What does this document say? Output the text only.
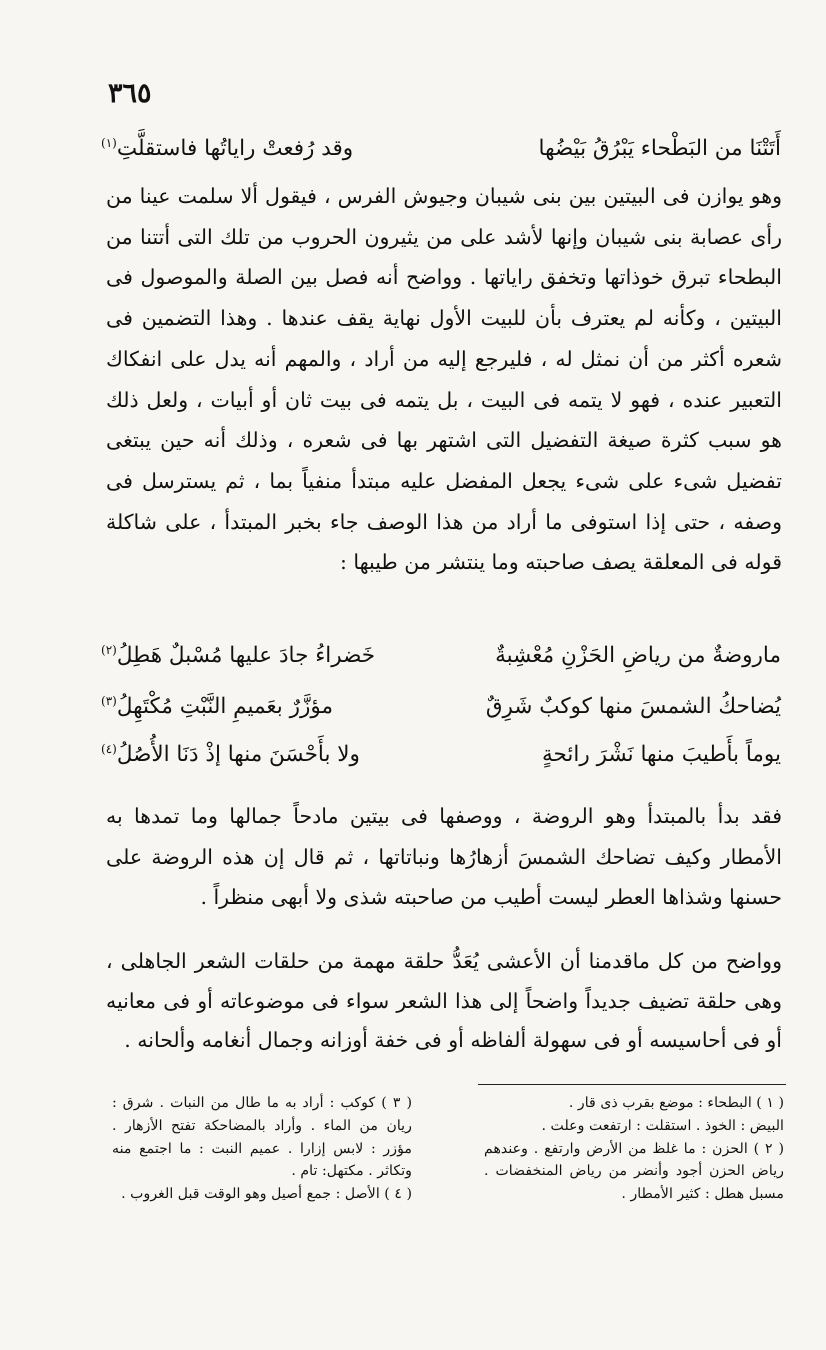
٣٦٥
أَتَتْنَا من البَطْحاء يَبْرُقُ بَيْضُها
وقد رُفعتْ راياتُها فاستقلَّتِ$^{(١)}$
وهو يوازن فى البيتين بين بنى شيبان وجيوش الفرس ، فيقول ألا سلمت عينا من رأى عصابة بنى شيبان وإنها لأشد على من يثيرون الحروب من تلك التى أتتنا من البطحاء تبرق خوذاتها وتخفق راياتها . وواضح أنه فصل بين الصلة والموصول فى البيتين ، وكأنه لم يعترف بأن للبيت الأول نهاية يقف عندها . وهذا التضمين فى شعره أكثر من أن نمثل له ، فليرجع إليه من أراد ، والمهم أنه يدل على انفكاك التعبير عنده ، فهو لا يتمه فى البيت ، بل يتمه فى بيت ثان أو أبيات ، ولعل ذلك هو سبب كثرة صيغة التفضيل التى اشتهر بها فى شعره ، وذلك أنه حين يبتغى تفضيل شىء على شىء يجعل المفضل عليه مبتدأ منفياً بما ، ثم يسترسل فى وصفه ، حتى إذا استوفى ما أراد من هذا الوصف جاء بخبر المبتدأ ، على شاكلة قوله فى المعلقة يصف صاحبته وما ينتشر من طيبها :
ماروضةٌ من رياضِ الحَزْنِ مُعْشِبةٌ
خَضراءُ جادَ عليها مُسْبلٌ هَطِلُ$^{(٢)}$
يُضاحكُ الشمسَ منها كوكبٌ شَرِقٌ
مؤزَّرٌ بعَميمِ النَّبْتِ مُكْتَهِلُ$^{(٣)}$
يوماً بأَطيبَ منها نَشْرَ رائحةٍ
ولا بأَحْسَنَ منها إذْ دَنَا الأُصُلُ$^{(٤)}$
فقد بدأ بالمبتدأ وهو الروضة ، ووصفها فى بيتين مادحاً جمالها وما تمدها به الأمطار وكيف تضاحك الشمسَ أزهارُها ونباتاتها ، ثم قال إن هذه الروضة على حسنها وشذاها العطر ليست أطيب من صاحبته شذى ولا أبهى منظراً .
وواضح من كل ماقدمنا أن الأعشى يُعَدُّ حلقة مهمة من حلقات الشعر الجاهلى ، وهى حلقة تضيف جديداً واضحاً إلى هذا الشعر سواء فى موضوعاته أو فى معانيه أو فى أحاسيسه أو فى سهولة ألفاظه أو فى خفة أوزانه وجمال أنغامه وألحانه .
( ١ ) البطحاء : موضع بقرب ذى قار .
البيض : الخوذ . استقلت : ارتفعت وعلت .
( ٢ ) الحزن : ما غلظ من الأرض وارتفع . وعندهم رياض الحزن أجود وأنضر من رياض المنخفضات . مسبل هطل : كثير الأمطار .
( ٣ ) كوكب : أراد به ما طال من النبات . شرق : ريان من الماء . وأراد بالمضاحكة تفتح الأزهار . مؤزر : لابس إزارا . عميم النبت : ما اجتمع منه وتكاثر . مكتهل: تام .
( ٤ ) الأصل : جمع أصيل وهو الوقت قبل الغروب .
